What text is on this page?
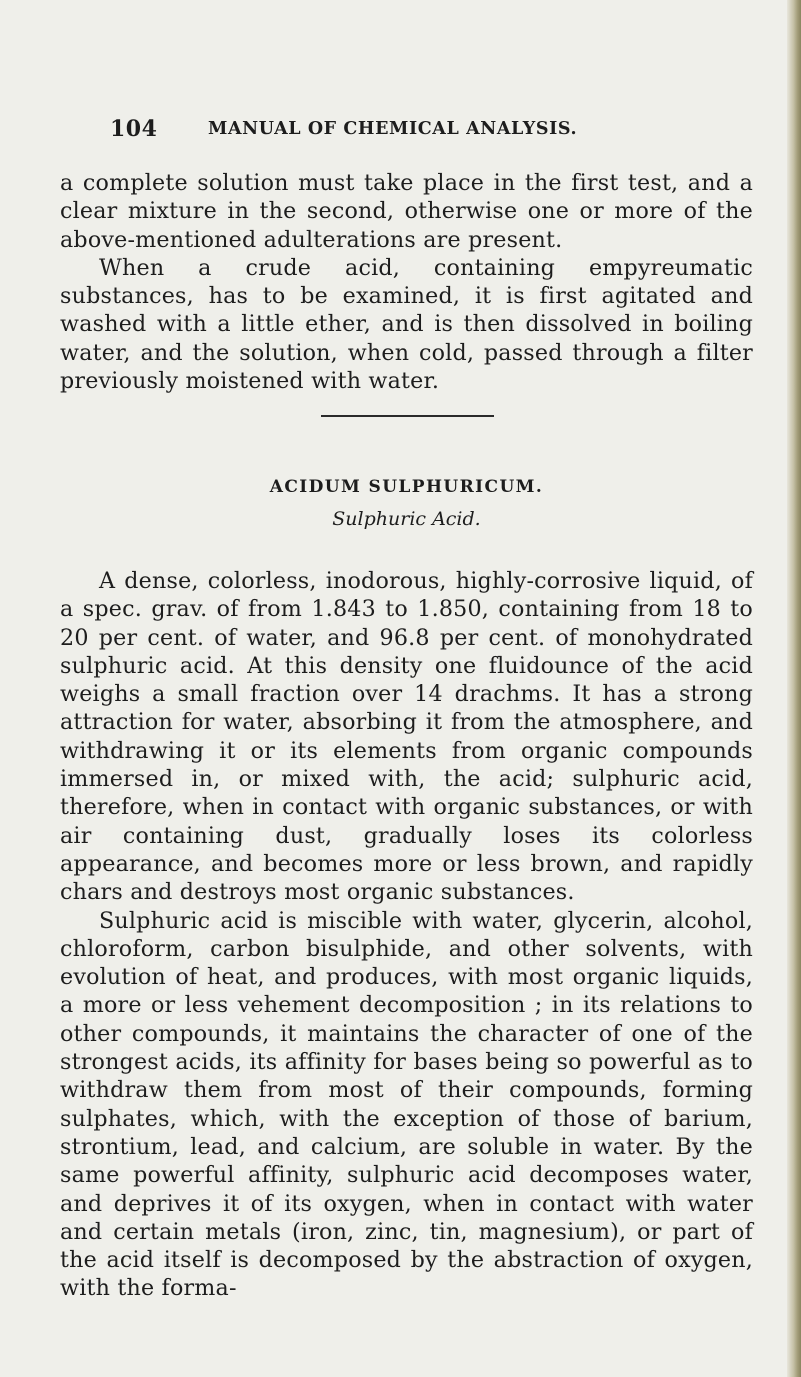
104	MANUAL OF CHEMICAL ANALYSIS.

a complete solution must take place in the first test, and a clear mixture in the second, otherwise one or more of the above-mentioned adulterations are present.

When a crude acid, containing empyreumatic substances, has to be examined, it is first agitated and washed with a little ether, and is then dissolved in boiling water, and the solution, when cold, passed through a filter previously moistened with water.

ACIDUM SULPHURICUM.
Sulphuric Acid.

A dense, colorless, inodorous, highly-corrosive liquid, of a spec. grav. of from 1.843 to 1.850, containing from 18 to 20 per cent. of water, and 96.8 per cent. of monohydrated sulphuric acid. At this density one fluidounce of the acid weighs a small fraction over 14 drachms. It has a strong attraction for water, absorbing it from the atmosphere, and withdrawing it or its elements from organic compounds immersed in, or mixed with, the acid; sulphuric acid, therefore, when in contact with organic substances, or with air containing dust, gradually loses its colorless appearance, and becomes more or less brown, and rapidly chars and destroys most organic substances.

Sulphuric acid is miscible with water, glycerin, alcohol, chloroform, carbon bisulphide, and other solvents, with evolution of heat, and produces, with most organic liquids, a more or less vehement decomposition ; in its relations to other compounds, it maintains the character of one of the strongest acids, its affinity for bases being so powerful as to withdraw them from most of their compounds, forming sulphates, which, with the exception of those of barium, strontium, lead, and calcium, are soluble in water. By the same powerful affinity, sulphuric acid decomposes water, and deprives it of its oxygen, when in contact with water and certain metals (iron, zinc, tin, magnesium), or part of the acid itself is decomposed by the abstraction of oxygen, with the forma-
